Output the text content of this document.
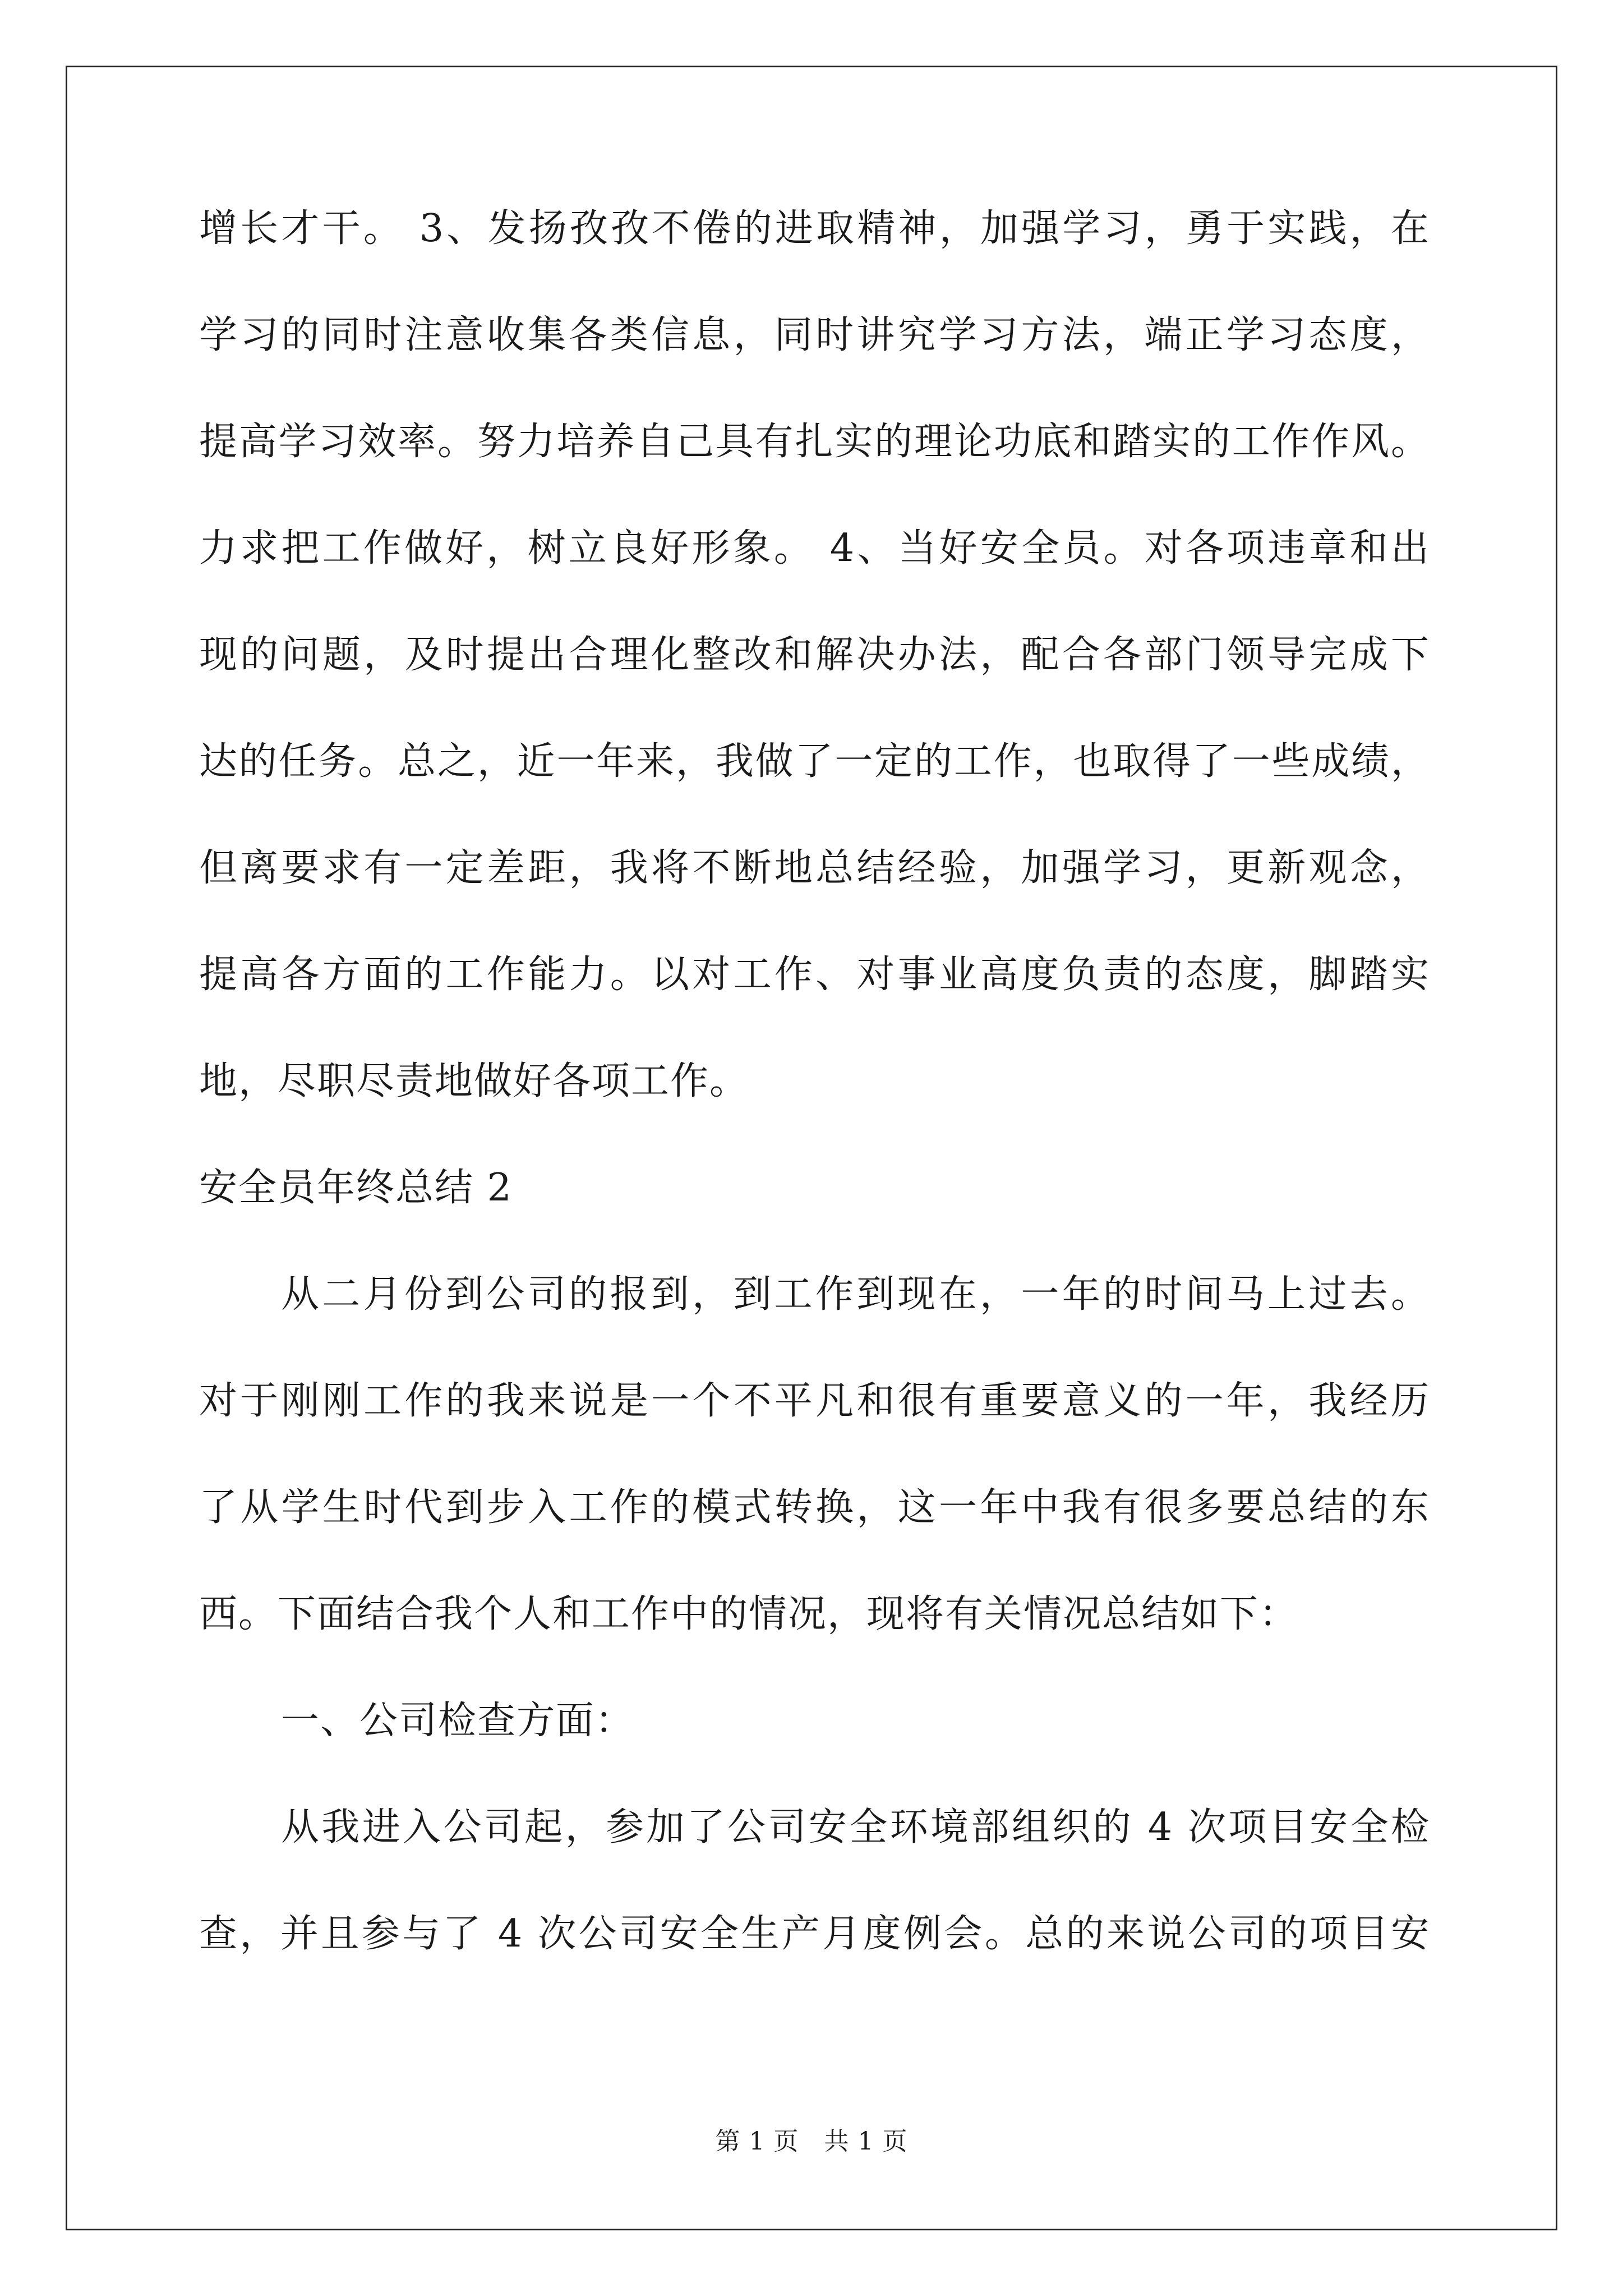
增长才干。 3、发扬孜孜不倦的进取精神，加强学习，勇于实践，在
学习的同时注意收集各类信息，同时讲究学习方法，端正学习态度，
提高学习效率。努力培养自己具有扎实的理论功底和踏实的工作作风。
力求把工作做好，树立良好形象。 4、当好安全员。对各项违章和出
现的问题，及时提出合理化整改和解决办法，配合各部门领导完成下
达的任务。总之，近一年来，我做了一定的工作，也取得了一些成绩，
但离要求有一定差距，我将不断地总结经验，加强学习，更新观念，
提高各方面的工作能力。以对工作、对事业高度负责的态度，脚踏实
地，尽职尽责地做好各项工作。
安全员年终总结 2
从二月份到公司的报到，到工作到现在，一年的时间马上过去。
对于刚刚工作的我来说是一个不平凡和很有重要意义的一年，我经历
了从学生时代到步入工作的模式转换，这一年中我有很多要总结的东
西。下面结合我个人和工作中的情况，现将有关情况总结如下：
一、公司检查方面：
从我进入公司起，参加了公司安全环境部组织的 4 次项目安全检
查，并且参与了 4 次公司安全生产月度例会。总的来说公司的项目安
第 1 页   共 1 页
